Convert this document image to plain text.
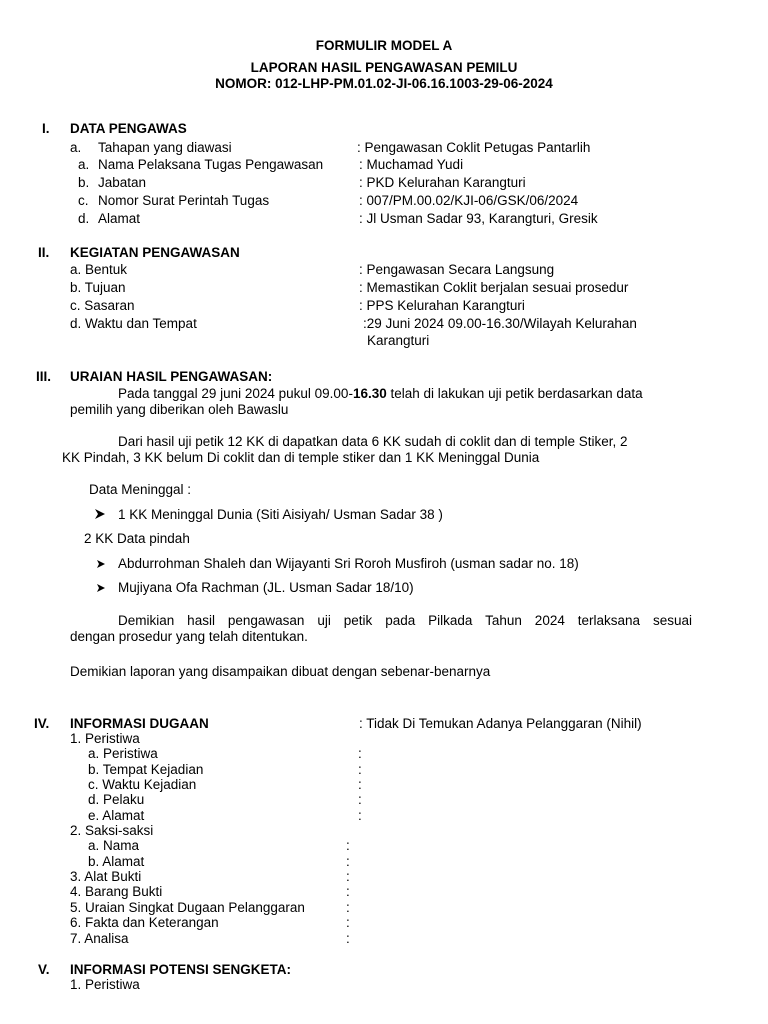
FORMULIR MODEL A
LAPORAN HASIL PENGAWASAN PEMILU
NOMOR: 012-LHP-PM.01.02-JI-06.16.1003-29-06-2024
I. DATA PENGAWAS
a. Tahapan yang diawasi	: Pengawasan Coklit Petugas Pantarlih
a. Nama Pelaksana Tugas Pengawasan	: Muchamad Yudi
b. Jabatan	: PKD Kelurahan Karangturi
c. Nomor Surat Perintah Tugas	: 007/PM.00.02/KJI-06/GSK/06/2024
d. Alamat	: Jl Usman Sadar 93, Karangturi, Gresik
II. KEGIATAN PENGAWASAN
a. Bentuk	: Pengawasan Secara Langsung
b. Tujuan	: Memastikan Coklit berjalan sesuai prosedur
c. Sasaran	: PPS Kelurahan Karangturi
d. Waktu dan Tempat	:29 Juni 2024 09.00-16.30/Wilayah Kelurahan
Karangturi
III. URAIAN HASIL PENGAWASAN:
Pada tanggal 29 juni 2024 pukul 09.00-16.30 telah di lakukan uji petik berdasarkan data
pemilih yang diberikan oleh Bawaslu
Dari hasil uji petik 12 KK di dapatkan data 6 KK sudah di coklit dan di temple Stiker, 2
KK Pindah, 3 KK belum Di coklit dan di temple stiker dan 1 KK Meninggal Dunia
Data Meninggal :
1 KK Meninggal Dunia (Siti Aisiyah/ Usman Sadar 38 )
2 KK Data pindah
Abdurrohman Shaleh dan Wijayanti Sri Roroh Musfiroh (usman sadar no. 18)
Mujiyana Ofa Rachman (JL. Usman Sadar 18/10)
Demikian hasil pengawasan uji petik pada Pilkada Tahun 2024 terlaksana sesuai
dengan prosedur yang telah ditentukan.
Demikian laporan yang disampaikan dibuat dengan sebenar-benarnya
IV. INFORMASI DUGAAN	: Tidak Di Temukan Adanya Pelanggaran (Nihil)
1. Peristiwa
a. Peristiwa	:
b. Tempat Kejadian	:
c. Waktu Kejadian	:
d. Pelaku	:
e. Alamat	:
2. Saksi-saksi
a. Nama	:
b. Alamat	:
3. Alat Bukti	:
4. Barang Bukti	:
5. Uraian Singkat Dugaan Pelanggaran	:
6. Fakta dan Keterangan	:
7. Analisa	:
V. INFORMASI POTENSI SENGKETA:
1. Peristiwa
